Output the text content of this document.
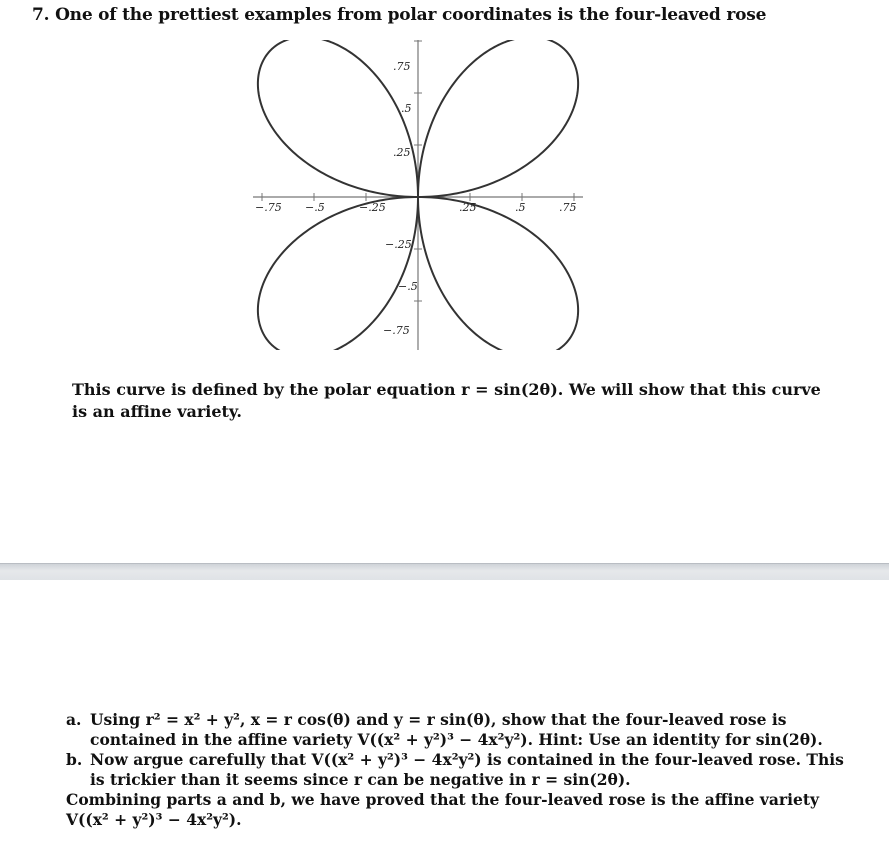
7. One of the prettiest examples from polar coordinates is the four-leaved rose
−.75 −.5	−.25	.25	.5	.75
.75
.5
.25
−.25
−.5
−.75
This curve is defined by the polar equation r = sin(2θ). We will show that this curve is an affine variety.
a. Using r² = x² + y², x = r cos(θ) and y = r sin(θ), show that the four-leaved rose is contained in the affine variety V((x² + y²)³ − 4x²y²). Hint: Use an identity for sin(2θ).
b. Now argue carefully that V((x² + y²)³ − 4x²y²) is contained in the four-leaved rose. This is trickier than it seems since r can be negative in r = sin(2θ).
Combining parts a and b, we have proved that the four-leaved rose is the affine variety V((x² + y²)³ − 4x²y²).
